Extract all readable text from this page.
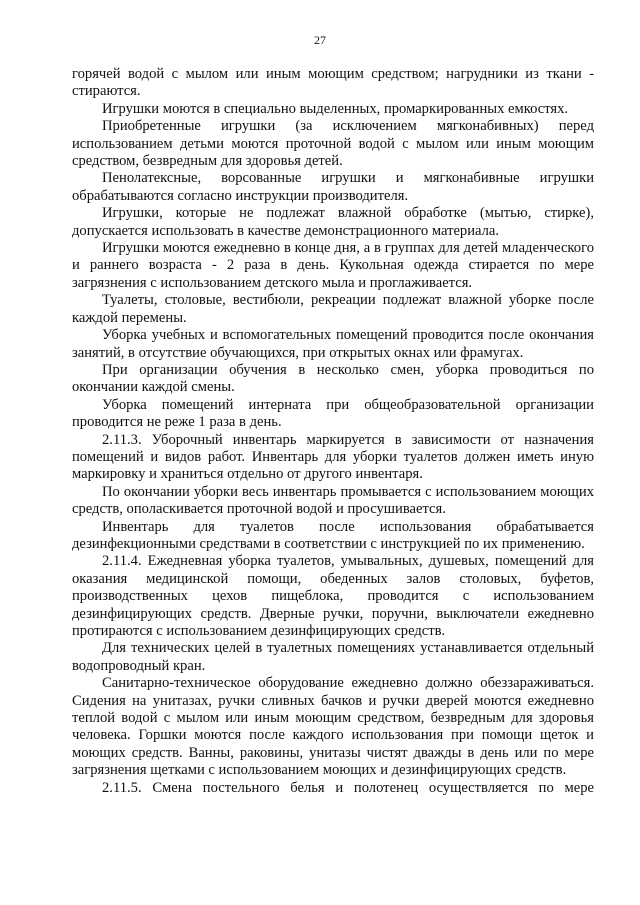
27

горячей водой с мылом или иным моющим средством; нагрудники из ткани - стираются.

Игрушки моются в специально выделенных, промаркированных емкостях.

Приобретенные игрушки (за исключением мягконабивных) перед использованием детьми моются проточной водой с мылом или иным моющим средством, безвредным для здоровья детей.

Пенолатексные, ворсованные игрушки и мягконабивные игрушки обрабатываются согласно инструкции производителя.

Игрушки, которые не подлежат влажной обработке (мытью, стирке), допускается использовать в качестве демонстрационного материала.

Игрушки моются ежедневно в конце дня, а в группах для детей младенческого и раннего возраста - 2 раза в день. Кукольная одежда стирается по мере загрязнения с использованием детского мыла и проглаживается.

Туалеты, столовые, вестибюли, рекреации подлежат влажной уборке после каждой перемены.

Уборка учебных и вспомогательных помещений проводится после окончания занятий, в отсутствие обучающихся, при открытых окнах или фрамугах.

При организации обучения в несколько смен, уборка проводиться по окончании каждой смены.

Уборка помещений интерната при общеобразовательной организации проводится не реже 1 раза в день.

2.11.3. Уборочный инвентарь маркируется в зависимости от назначения помещений и видов работ. Инвентарь для уборки туалетов должен иметь иную маркировку и храниться отдельно от другого инвентаря.

По окончании уборки весь инвентарь промывается с использованием моющих средств, ополаскивается проточной водой и просушивается.

Инвентарь для туалетов после использования обрабатывается дезинфекционными средствами в соответствии с инструкцией по их применению.

2.11.4. Ежедневная уборка туалетов, умывальных, душевых, помещений для оказания медицинской помощи, обеденных залов столовых, буфетов, производственных цехов пищеблока, проводится с использованием дезинфицирующих средств. Дверные ручки, поручни, выключатели ежедневно протираются с использованием дезинфицирующих средств.

Для технических целей в туалетных помещениях устанавливается отдельный водопроводный кран.

Санитарно-техническое оборудование ежедневно должно обеззараживаться. Сидения на унитазах, ручки сливных бачков и ручки дверей моются ежедневно теплой водой с мылом или иным моющим средством, безвредным для здоровья человека. Горшки моются после каждого использования при помощи щеток и моющих средств. Ванны, раковины, унитазы чистят дважды в день или по мере загрязнения щетками с использованием моющих и дезинфицирующих средств.

2.11.5. Смена постельного белья и полотенец осуществляется по мере
